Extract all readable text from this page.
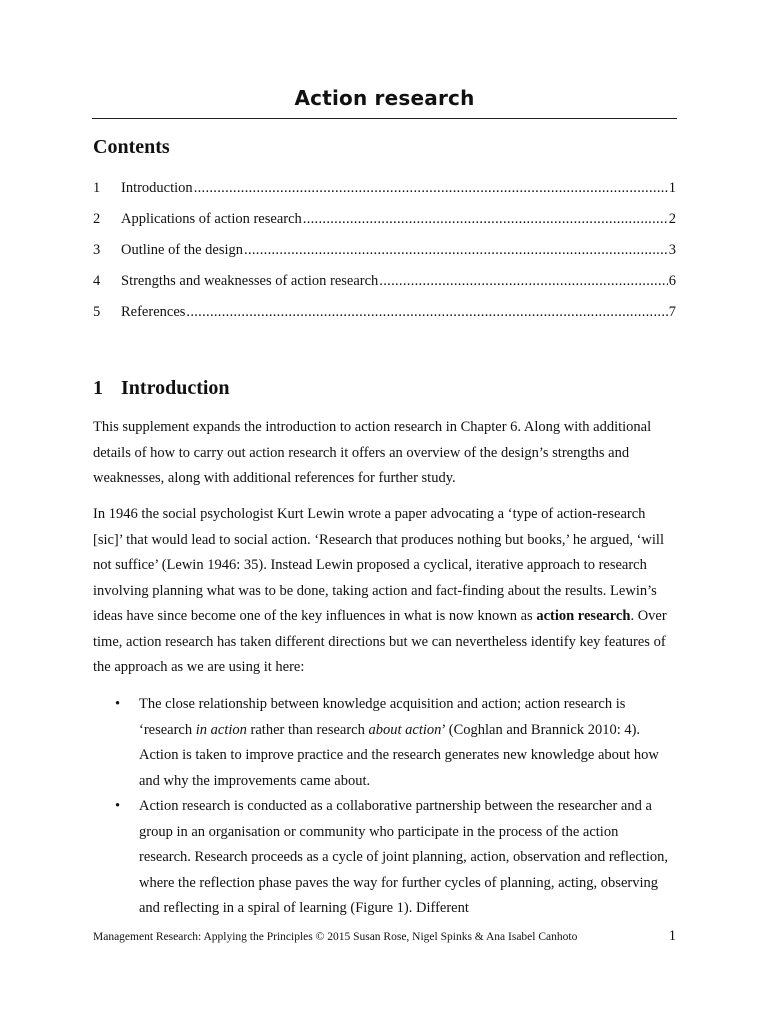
Action research
Contents
1	Introduction .....	1
2	Applications of action research .....	2
3	Outline of the design .....	3
4	Strengths and weaknesses of action research .....	6
5	References .....	7
1 Introduction

This supplement expands the introduction to action research in Chapter 6. Along with additional details of how to carry out action research it offers an overview of the design’s strengths and weaknesses, along with additional references for further study.

In 1946 the social psychologist Kurt Lewin wrote a paper advocating a ‘type of action-research [sic]’ that would lead to social action. ‘Research that produces nothing but books,’ he argued, ‘will not suffice’ (Lewin 1946: 35). Instead Lewin proposed a cyclical, iterative approach to research involving planning what was to be done, taking action and fact-finding about the results. Lewin’s ideas have since become one of the key influences in what is now known as action research. Over time, action research has taken different directions but we can nevertheless identify key features of the approach as we are using it here:

•	The close relationship between knowledge acquisition and action; action research is ‘research in action rather than research about action’ (Coghlan and Brannick 2010: 4). Action is taken to improve practice and the research generates new knowledge about how and why the improvements came about.
•	Action research is conducted as a collaborative partnership between the researcher and a group in an organisation or community who participate in the process of the action research. Research proceeds as a cycle of joint planning, action, observation and reflection, where the reflection phase paves the way for further cycles of planning, acting, observing and reflecting in a spiral of learning (Figure 1). Different
Management Research: Applying the Principles © 2015 Susan Rose, Nigel Spinks & Ana Isabel Canhoto	1
